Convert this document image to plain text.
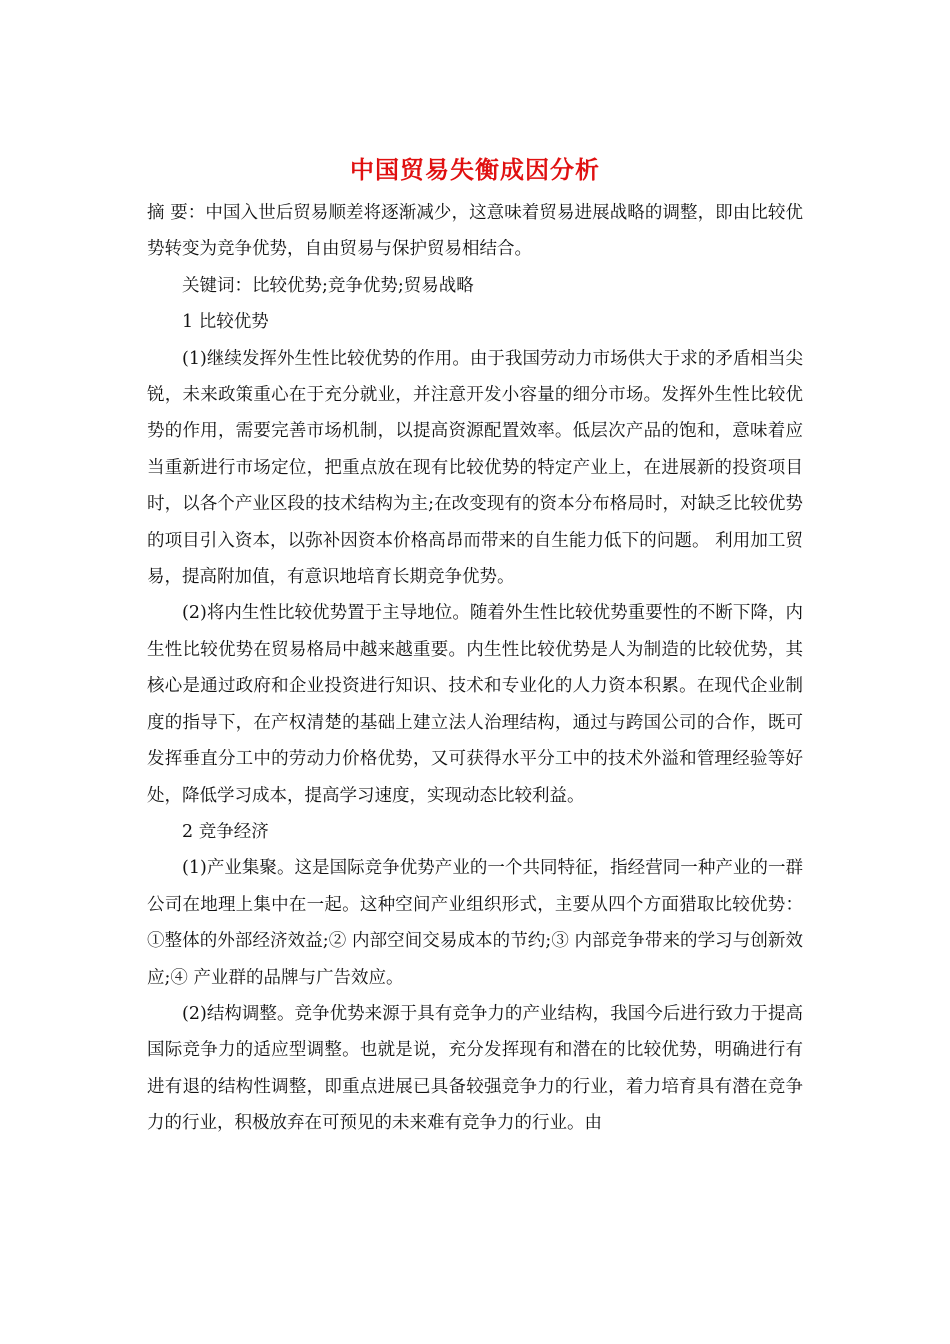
中国贸易失衡成因分析

摘 要：中国入世后贸易顺差将逐渐减少，这意味着贸易进展战略的调整，即由比较优势转变为竞争优势，自由贸易与保护贸易相结合。

关键词：比较优势;竞争优势;贸易战略

1 比较优势

(1)继续发挥外生性比较优势的作用。由于我国劳动力市场供大于求的矛盾相当尖锐，未来政策重心在于充分就业，并注意开发小容量的细分市场。发挥外生性比较优势的作用，需要完善市场机制，以提高资源配置效率。低层次产品的饱和，意味着应当重新进行市场定位，把重点放在现有比较优势的特定产业上，在进展新的投资项目时，以各个产业区段的技术结构为主;在改变现有的资本分布格局时，对缺乏比较优势的项目引入资本，以弥补因资本价格高昂而带来的自生能力低下的问题。 利用加工贸易，提高附加值，有意识地培育长期竞争优势。

(2)将内生性比较优势置于主导地位。随着外生性比较优势重要性的不断下降，内生性比较优势在贸易格局中越来越重要。内生性比较优势是人为制造的比较优势，其核心是通过政府和企业投资进行知识、技术和专业化的人力资本积累。在现代企业制度的指导下，在产权清楚的基础上建立法人治理结构，通过与跨国公司的合作，既可发挥垂直分工中的劳动力价格优势，又可获得水平分工中的技术外溢和管理经验等好处，降低学习成本，提高学习速度，实现动态比较利益。

2 竞争经济

(1)产业集聚。这是国际竞争优势产业的一个共同特征，指经营同一种产业的一群公司在地理上集中在一起。这种空间产业组织形式，主要从四个方面猎取比较优势：①整体的外部经济效益;② 内部空间交易成本的节约;③ 内部竞争带来的学习与创新效应;④ 产业群的品牌与广告效应。

(2)结构调整。竞争优势来源于具有竞争力的产业结构，我国今后进行致力于提高国际竞争力的适应型调整。也就是说，充分发挥现有和潜在的比较优势，明确进行有进有退的结构性调整，即重点进展已具备较强竞争力的行业，着力培育具有潜在竞争力的行业，积极放弃在可预见的未来难有竞争力的行业。由
